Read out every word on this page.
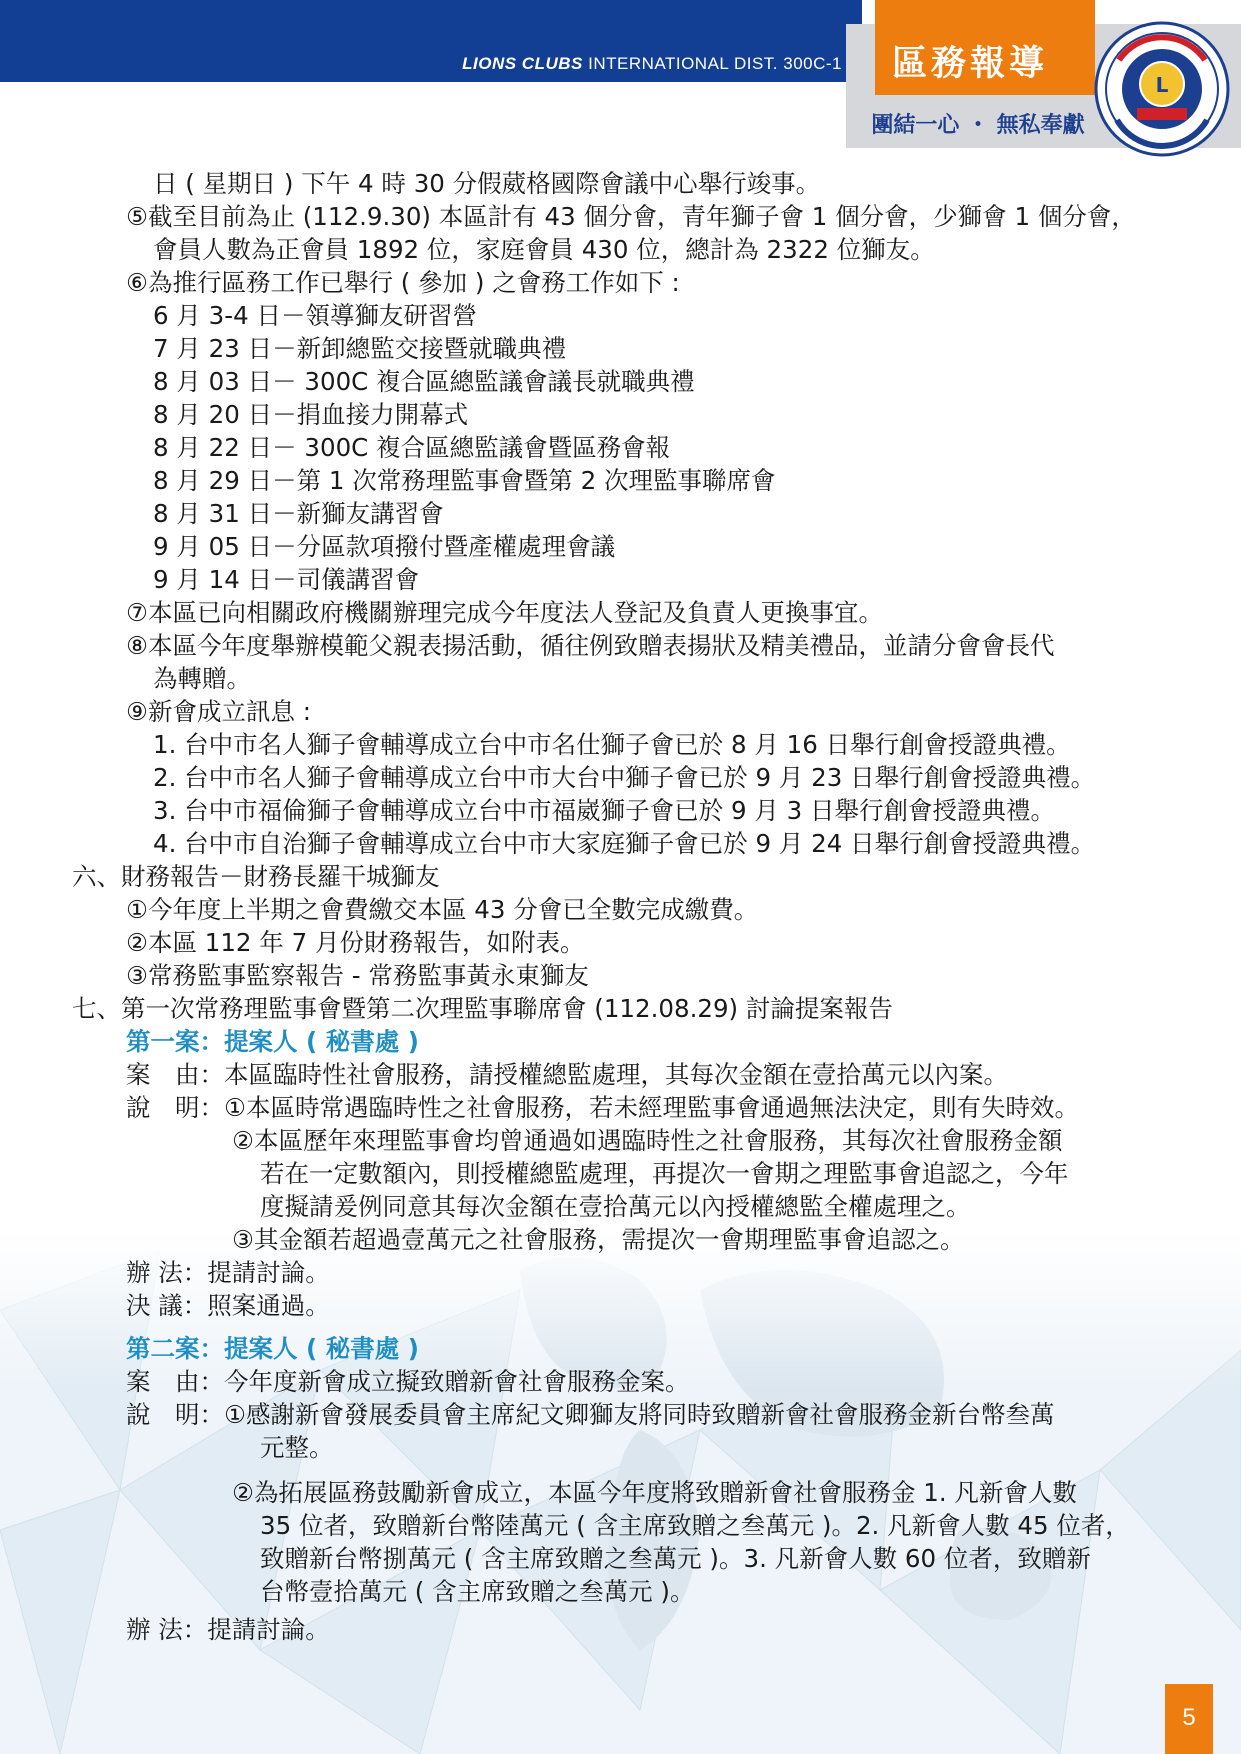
LIONS CLUBS INTERNATIONAL DIST. 300C-1	區務報導
團結一心 ・ 無私奉獻
L
日 ( 星期日 ) 下午 4 時 30 分假葳格國際會議中心舉行竣事。
⑤截至目前為止 (112.9.30) 本區計有 43 個分會，青年獅子會 1 個分會，少獅會 1 個分會，
會員人數為正會員 1892 位，家庭會員 430 位，總計為 2322 位獅友。
⑥為推行區務工作已舉行 ( 參加 ) 之會務工作如下 :
6 月 3-4 日－領導獅友研習營
7 月 23 日－新卸總監交接暨就職典禮
8 月 03 日－ 300C 複合區總監議會議長就職典禮
8 月 20 日－捐血接力開幕式
8 月 22 日－ 300C 複合區總監議會暨區務會報
8 月 29 日－第 1 次常務理監事會暨第 2 次理監事聯席會
8 月 31 日－新獅友講習會
9 月 05 日－分區款項撥付暨產權處理會議
9 月 14 日－司儀講習會
⑦本區已向相關政府機關辦理完成今年度法人登記及負責人更換事宜。
⑧本區今年度舉辦模範父親表揚活動，循往例致贈表揚狀及精美禮品，並請分會會長代
為轉贈。
⑨新會成立訊息 :
1. 台中市名人獅子會輔導成立台中市名仕獅子會已於 8 月 16 日舉行創會授證典禮。
2. 台中市名人獅子會輔導成立台中市大台中獅子會已於 9 月 23 日舉行創會授證典禮。
3. 台中市福倫獅子會輔導成立台中市福崴獅子會已於 9 月 3 日舉行創會授證典禮。
4. 台中市自治獅子會輔導成立台中市大家庭獅子會已於 9 月 24 日舉行創會授證典禮。
六、財務報告－財務長羅干城獅友
①今年度上半期之會費繳交本區 43 分會已全數完成繳費。
②本區 112 年 7 月份財務報告，如附表。
③常務監事監察報告 - 常務監事黃永東獅友
七、第一次常務理監事會暨第二次理監事聯席會 (112.08.29) 討論提案報告
第一案：提案人 ( 秘書處 )
案　由：本區臨時性社會服務，請授權總監處理，其每次金額在壹拾萬元以內案。
說　明：①本區時常遇臨時性之社會服務，若未經理監事會通過無法決定，則有失時效。
②本區歷年來理監事會均曾通過如遇臨時性之社會服務，其每次社會服務金額
若在一定數額內，則授權總監處理，再提次一會期之理監事會追認之，今年
度擬請爰例同意其每次金額在壹拾萬元以內授權總監全權處理之。
③其金額若超過壹萬元之社會服務，需提次一會期理監事會追認之。
辦 法：提請討論。
決 議：照案通過。
第二案：提案人 ( 秘書處 )
案　由：今年度新會成立擬致贈新會社會服務金案。
說　明：①感謝新會發展委員會主席紀文卿獅友將同時致贈新會社會服務金新台幣叁萬
元整。
②為拓展區務鼓勵新會成立，本區今年度將致贈新會社會服務金 1. 凡新會人數
35 位者，致贈新台幣陸萬元 ( 含主席致贈之叁萬元 )。2. 凡新會人數 45 位者，
致贈新台幣捌萬元 ( 含主席致贈之叁萬元 )。3. 凡新會人數 60 位者，致贈新
台幣壹拾萬元 ( 含主席致贈之叁萬元 )。
辦 法：提請討論。
5
